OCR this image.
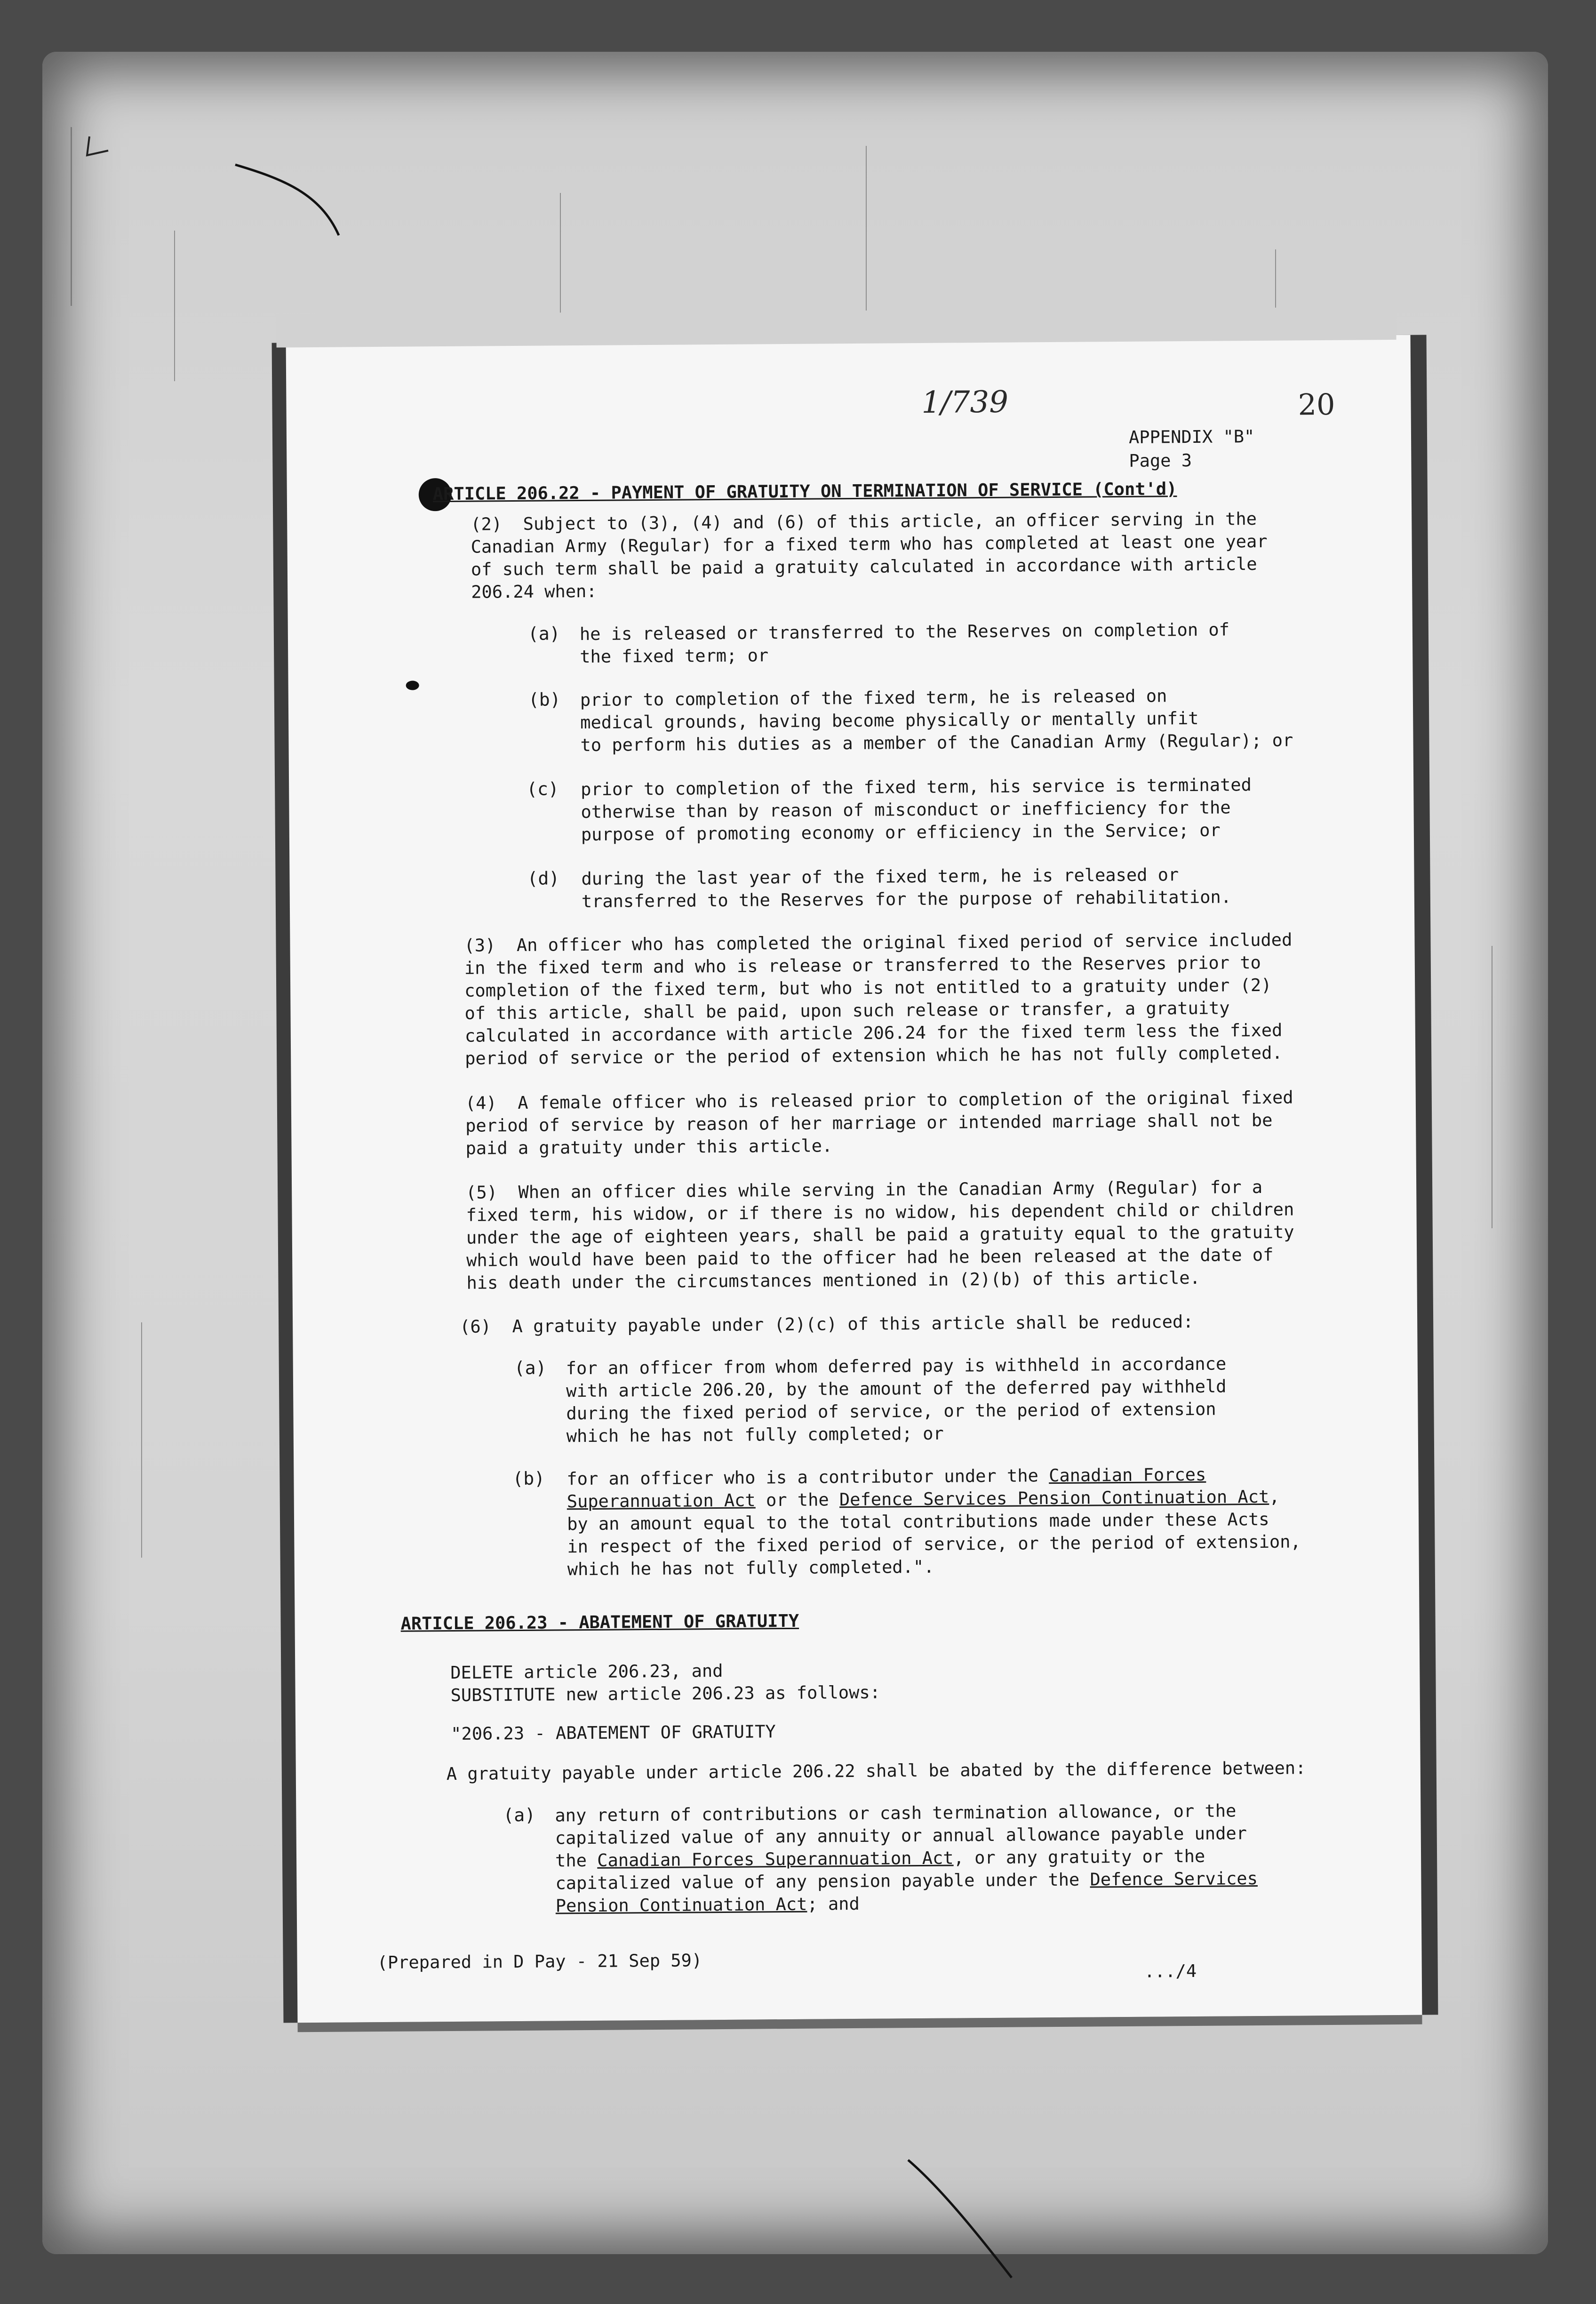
1/739	20
APPENDIX "B"
Page 3
ARTICLE 206.22 - PAYMENT OF GRATUITY ON TERMINATION OF SERVICE (Cont'd)
(2)  Subject to (3), (4) and (6) of this article, an officer serving in the
Canadian Army (Regular) for a fixed term who has completed at least one year
of such term shall be paid a gratuity calculated in accordance with article
206.24 when:
(a) he is released or transferred to the Reserves on completion of
the fixed term; or
(b) prior to completion of the fixed term, he is released on
medical grounds, having become physically or mentally unfit
to perform his duties as a member of the Canadian Army (Regular); or
(c) prior to completion of the fixed term, his service is terminated
otherwise than by reason of misconduct or inefficiency for the
purpose of promoting economy or efficiency in the Service; or
(d) during the last year of the fixed term, he is released or
transferred to the Reserves for the purpose of rehabilitation.
(3)  An officer who has completed the original fixed period of service included
in the fixed term and who is release or transferred to the Reserves prior to
completion of the fixed term, but who is not entitled to a gratuity under (2)
of this article, shall be paid, upon such release or transfer, a gratuity
calculated in accordance with article 206.24 for the fixed term less the fixed
period of service or the period of extension which he has not fully completed.
(4)  A female officer who is released prior to completion of the original fixed
period of service by reason of her marriage or intended marriage shall not be
paid a gratuity under this article.
(5)  When an officer dies while serving in the Canadian Army (Regular) for a
fixed term, his widow, or if there is no widow, his dependent child or children
under the age of eighteen years, shall be paid a gratuity equal to the gratuity
which would have been paid to the officer had he been released at the date of
his death under the circumstances mentioned in (2)(b) of this article.
(6)  A gratuity payable under (2)(c) of this article shall be reduced:
(a) for an officer from whom deferred pay is withheld in accordance
with article 206.20, by the amount of the deferred pay withheld
during the fixed period of service, or the period of extension
which he has not fully completed; or
(b) for an officer who is a contributor under the Canadian Forces
Superannuation Act or the Defence Services Pension Continuation Act,
by an amount equal to the total contributions made under these Acts
in respect of the fixed period of service, or the period of extension,
which he has not fully completed.".
ARTICLE 206.23 - ABATEMENT OF GRATUITY
DELETE article 206.23, and
SUBSTITUTE new article 206.23 as follows:
"206.23 - ABATEMENT OF GRATUITY
A gratuity payable under article 206.22 shall be abated by the difference between:
(a) any return of contributions or cash termination allowance, or the
capitalized value of any annuity or annual allowance payable under
the Canadian Forces Superannuation Act, or any gratuity or the
capitalized value of any pension payable under the Defence Services
Pension Continuation Act; and
(Prepared in D Pay - 21 Sep 59)	.../4
